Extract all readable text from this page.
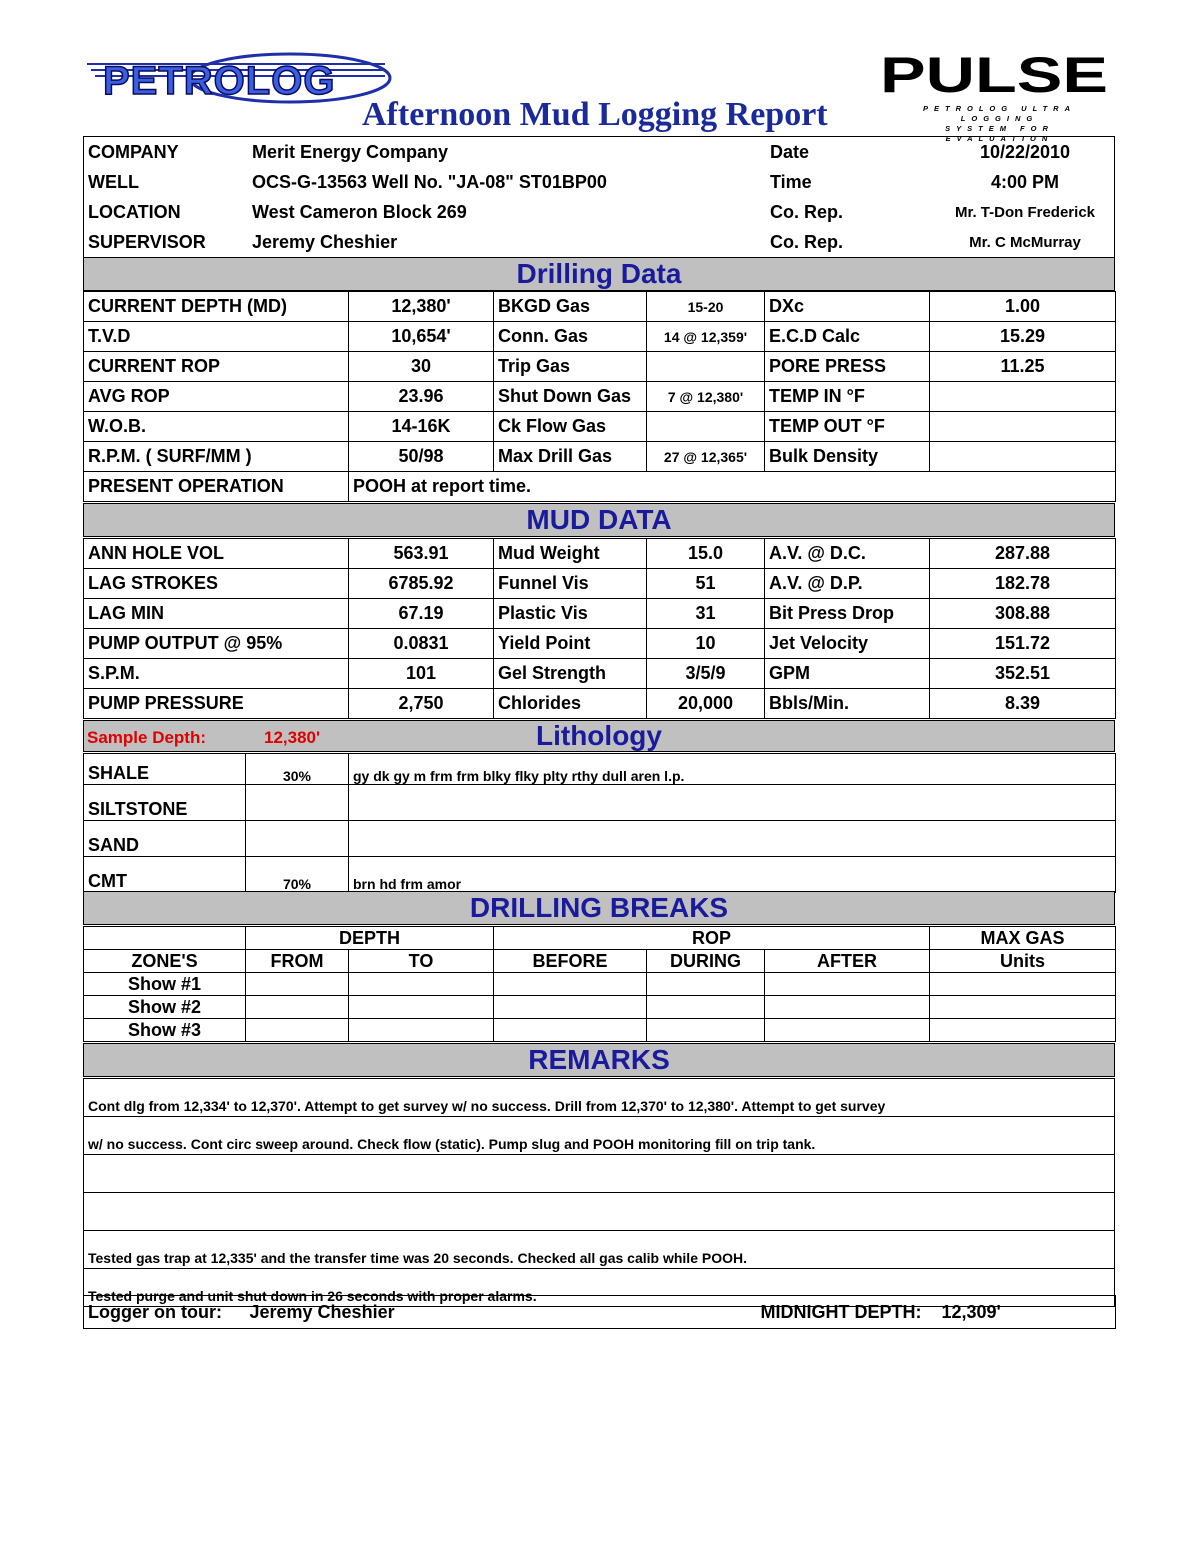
PETROLOG	PULSE
PETROLOG ULTRA LOGGING
SYSTEM FOR EVALUATION
Afternoon Mud Logging Report
COMPANY	Merit Energy Company	Date	10/22/2010
WELL	OCS-G-13563 Well No. "JA-08" ST01BP00	Time	4:00 PM
LOCATION	West Cameron Block 269	Co. Rep.	Mr. T-Don Frederick
SUPERVISOR	Jeremy Cheshier	Co. Rep.	Mr. C McMurray
Drilling Data
CURRENT DEPTH (MD)	12,380'	BKGD Gas	15-20	DXc	1.00
T.V.D	10,654'	Conn. Gas	14 @ 12,359'	E.C.D Calc	15.29
CURRENT ROP	30	Trip Gas		PORE PRESS	11.25
AVG ROP	23.96	Shut Down Gas	7 @ 12,380'	TEMP IN °F	
W.O.B.	14-16K	Ck Flow Gas		TEMP OUT °F	
R.P.M. ( SURF/MM )	50/98	Max Drill Gas	27 @ 12,365'	Bulk Density	
PRESENT OPERATION	POOH at report time.				
MUD DATA
ANN HOLE VOL	563.91	Mud Weight	15.0	A.V. @ D.C.	287.88
LAG STROKES	6785.92	Funnel Vis	51	A.V. @ D.P.	182.78
LAG MIN	67.19	Plastic Vis	31	Bit Press Drop	308.88
PUMP OUTPUT @ 95%	0.0831	Yield Point	10	Jet Velocity	151.72
S.P.M.	101	Gel Strength	3/5/9	GPM	352.51
PUMP PRESSURE	2,750	Chlorides	20,000	Bbls/Min.	8.39
Lithology
Sample Depth:	12,380'
SHALE	30%	gy dk gy m frm frm blky flky plty rthy dull aren l.p.
SILTSTONE		
SAND		
CMT	70%	brn hd frm amor
DRILLING BREAKS
	DEPTH		ROP			MAX GAS
ZONE'S	FROM	TO	BEFORE	DURING	AFTER	Units
Show #1						
Show #2						
Show #3						
REMARKS
Cont dlg from 12,334' to 12,370'. Attempt to get survey w/ no success. Drill from 12,370' to 12,380'. Attempt to get survey
w/ no success. Cont circ sweep around. Check flow (static). Pump slug and POOH monitoring fill on trip tank.

Tested gas trap at 12,335' and the transfer time was 20 seconds. Checked all gas calib while POOH.
Tested purge and unit shut down in 26 seconds with proper alarms.
Logger on tour:	Jeremy Cheshier	MIDNIGHT DEPTH:	12,309'
